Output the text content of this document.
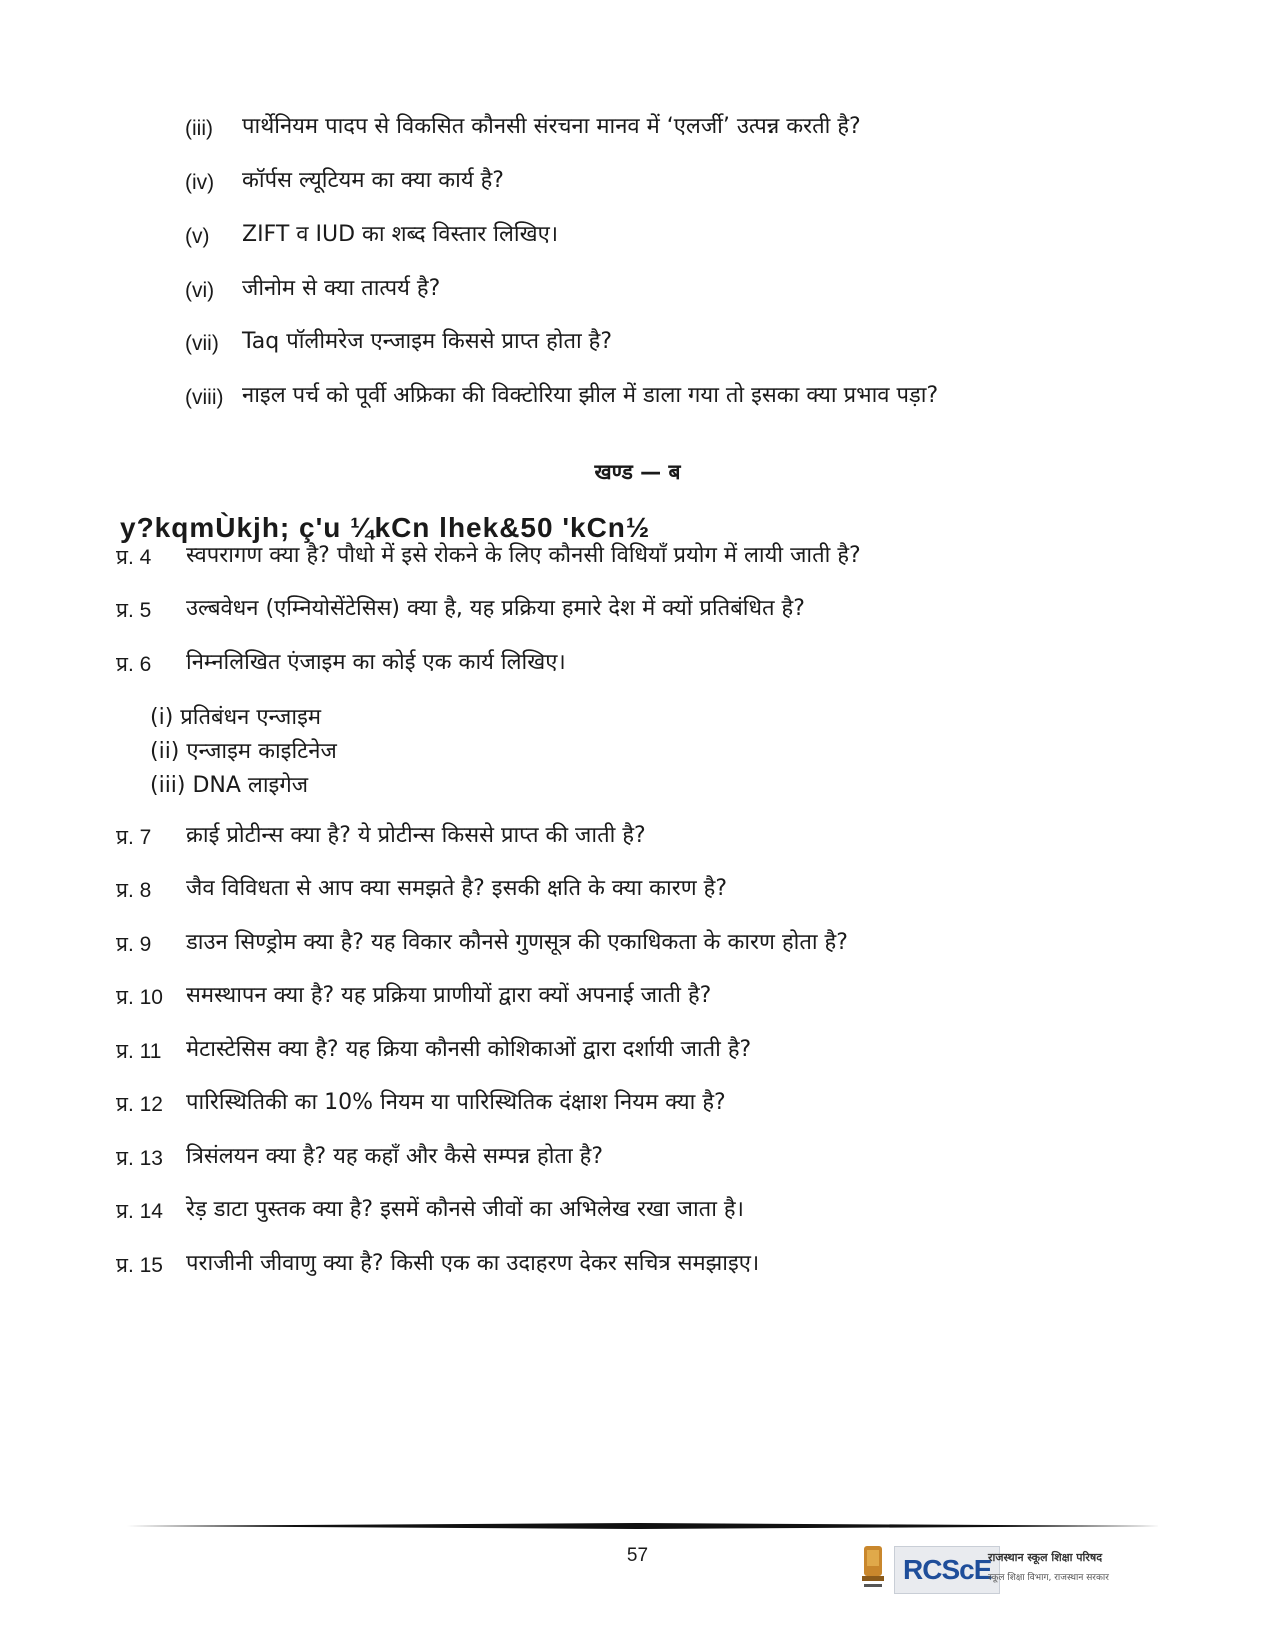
(iii) पार्थेनियम पादप से विकसित कौनसी संरचना मानव में ‘एलर्जी’ उत्पन्न करती है?
(iv) कॉर्पस ल्यूटियम का क्या कार्य है?
(v) ZIFT व IUD का शब्द विस्तार लिखिए।
(vi) जीनोम से क्या तात्पर्य है?
(vii) Taq पॉलीमरेज एन्जाइम किससे प्राप्त होता है?
(viii) नाइल पर्च को पूर्वी अफ्रिका की विक्टोरिया झील में डाला गया तो इसका क्या प्रभाव पड़ा?
खण्ड — ब
y?kqmÙkjh; ç'u ¼kCn lhek&50 'kCn½
प्र. 4 स्वपरागण क्या है? पौधो में इसे रोकने के लिए कौनसी विधियाँ प्रयोग में लायी जाती है?
प्र. 5 उल्बवेधन (एम्नियोसेंटेसिस) क्या है, यह प्रक्रिया हमारे देश में क्यों प्रतिबंधित है?
प्र. 6 निम्नलिखित एंजाइम का कोई एक कार्य लिखिए।
(i) प्रतिबंधन एन्जाइम
(ii) एन्जाइम काइटिनेज
(iii) DNA लाइगेज
प्र. 7 क्राई प्रोटीन्स क्या है? ये प्रोटीन्स किससे प्राप्त की जाती है?
प्र. 8 जैव विविधता से आप क्या समझते है? इसकी क्षति के क्या कारण है?
प्र. 9 डाउन सिण्ड्रोम क्या है? यह विकार कौनसे गुणसूत्र की एकाधिकता के कारण होता है?
प्र. 10 समस्थापन क्या है? यह प्रक्रिया प्राणीयों द्वारा क्यों अपनाई जाती है?
प्र. 11 मेटास्टेसिस क्या है? यह क्रिया कौनसी कोशिकाओं द्वारा दर्शायी जाती है?
प्र. 12 पारिस्थितिकी का 10% नियम या पारिस्थितिक दंक्षाश नियम क्या है?
प्र. 13 त्रिसंलयन क्या है? यह कहाँ और कैसे सम्पन्न होता है?
प्र. 14 रेड़ डाटा पुस्तक क्या है? इसमें कौनसे जीवों का अभिलेख रखा जाता है।
प्र. 15 पराजीनी जीवाणु क्या है? किसी एक का उदाहरण देकर सचित्र समझाइए।
57	RCScE
राजस्थान स्कूल शिक्षा परिषद
स्कूल शिक्षा विभाग, राजस्थान सरकार
